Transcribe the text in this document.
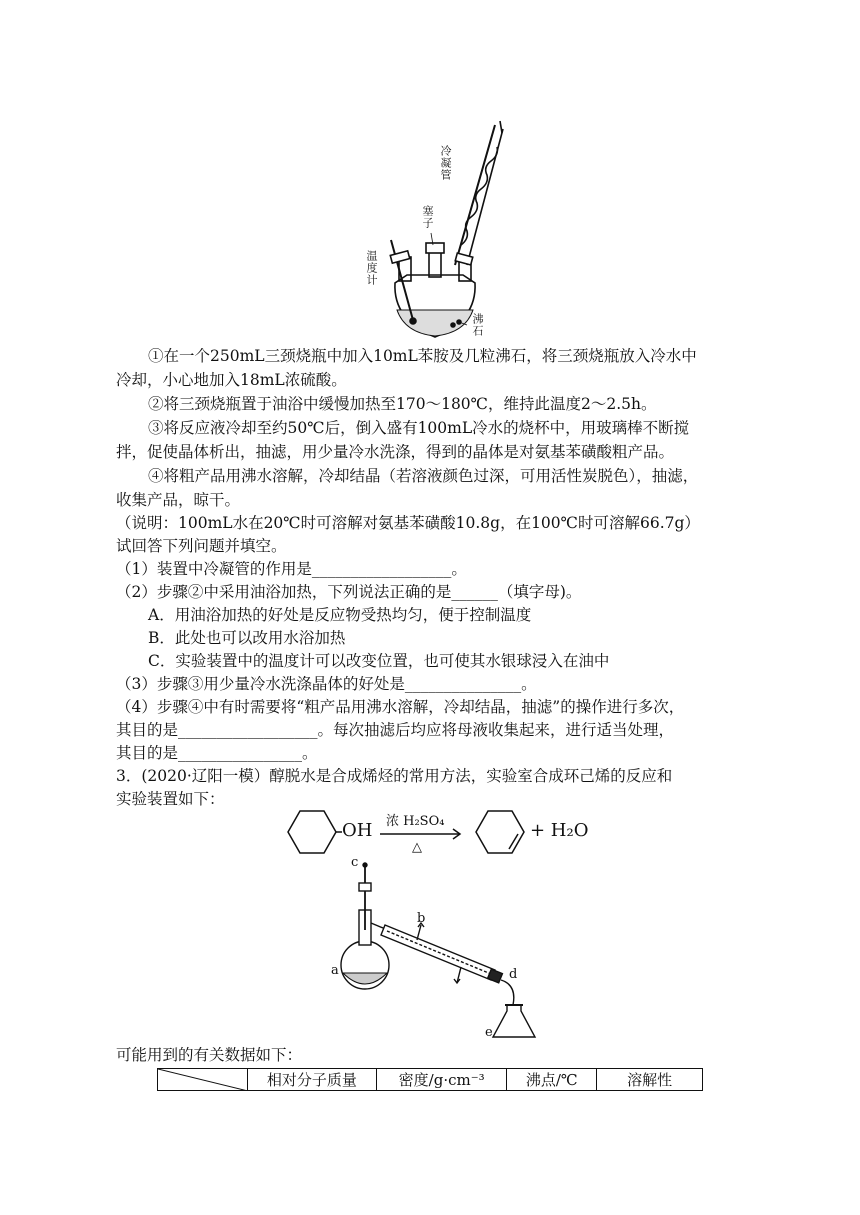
冷凝管
塞子
温度计
沸石
①在一个250mL三颈烧瓶中加入10mL苯胺及几粒沸石，将三颈烧瓶放入冷水中
冷却，小心地加入18mL浓硫酸。
②将三颈烧瓶置于油浴中缓慢加热至170～180℃，维持此温度2～2.5h。
③将反应液冷却至约50℃后，倒入盛有100mL冷水的烧杯中，用玻璃棒不断搅
拌，促使晶体析出，抽滤，用少量冷水洗涤，得到的晶体是对氨基苯磺酸粗产品。
④将粗产品用沸水溶解，冷却结晶（若溶液颜色过深，可用活性炭脱色），抽滤，
收集产品，晾干。
（说明：100mL水在20℃时可溶解对氨基苯磺酸10.8g，在100℃时可溶解66.7g）
试回答下列问题并填空。
（1）装置中冷凝管的作用是__________________。
（2）步骤②中采用油浴加热，下列说法正确的是______（填字母)。
A．用油浴加热的好处是反应物受热均匀，便于控制温度
B．此处也可以改用水浴加热
C．实验装置中的温度计可以改变位置，也可使其水银球浸入在油中
（3）步骤③用少量冷水洗涤晶体的好处是_______________。
（4）步骤④中有时需要将“粗产品用沸水溶解，冷却结晶，抽滤”的操作进行多次，
其目的是__________________。每次抽滤后均应将母液收集起来，进行适当处理，
其目的是________________。
3．(2020·辽阳一模）醇脱水是合成烯烃的常用方法，实验室合成环己烯的反应和
实验装置如下：
OH 浓 H₂SO₄
△
+ H₂O
a
b
c
d
e
可能用到的有关数据如下：
	相对分子质量	密度/g·cm⁻³	沸点/℃	溶解性
